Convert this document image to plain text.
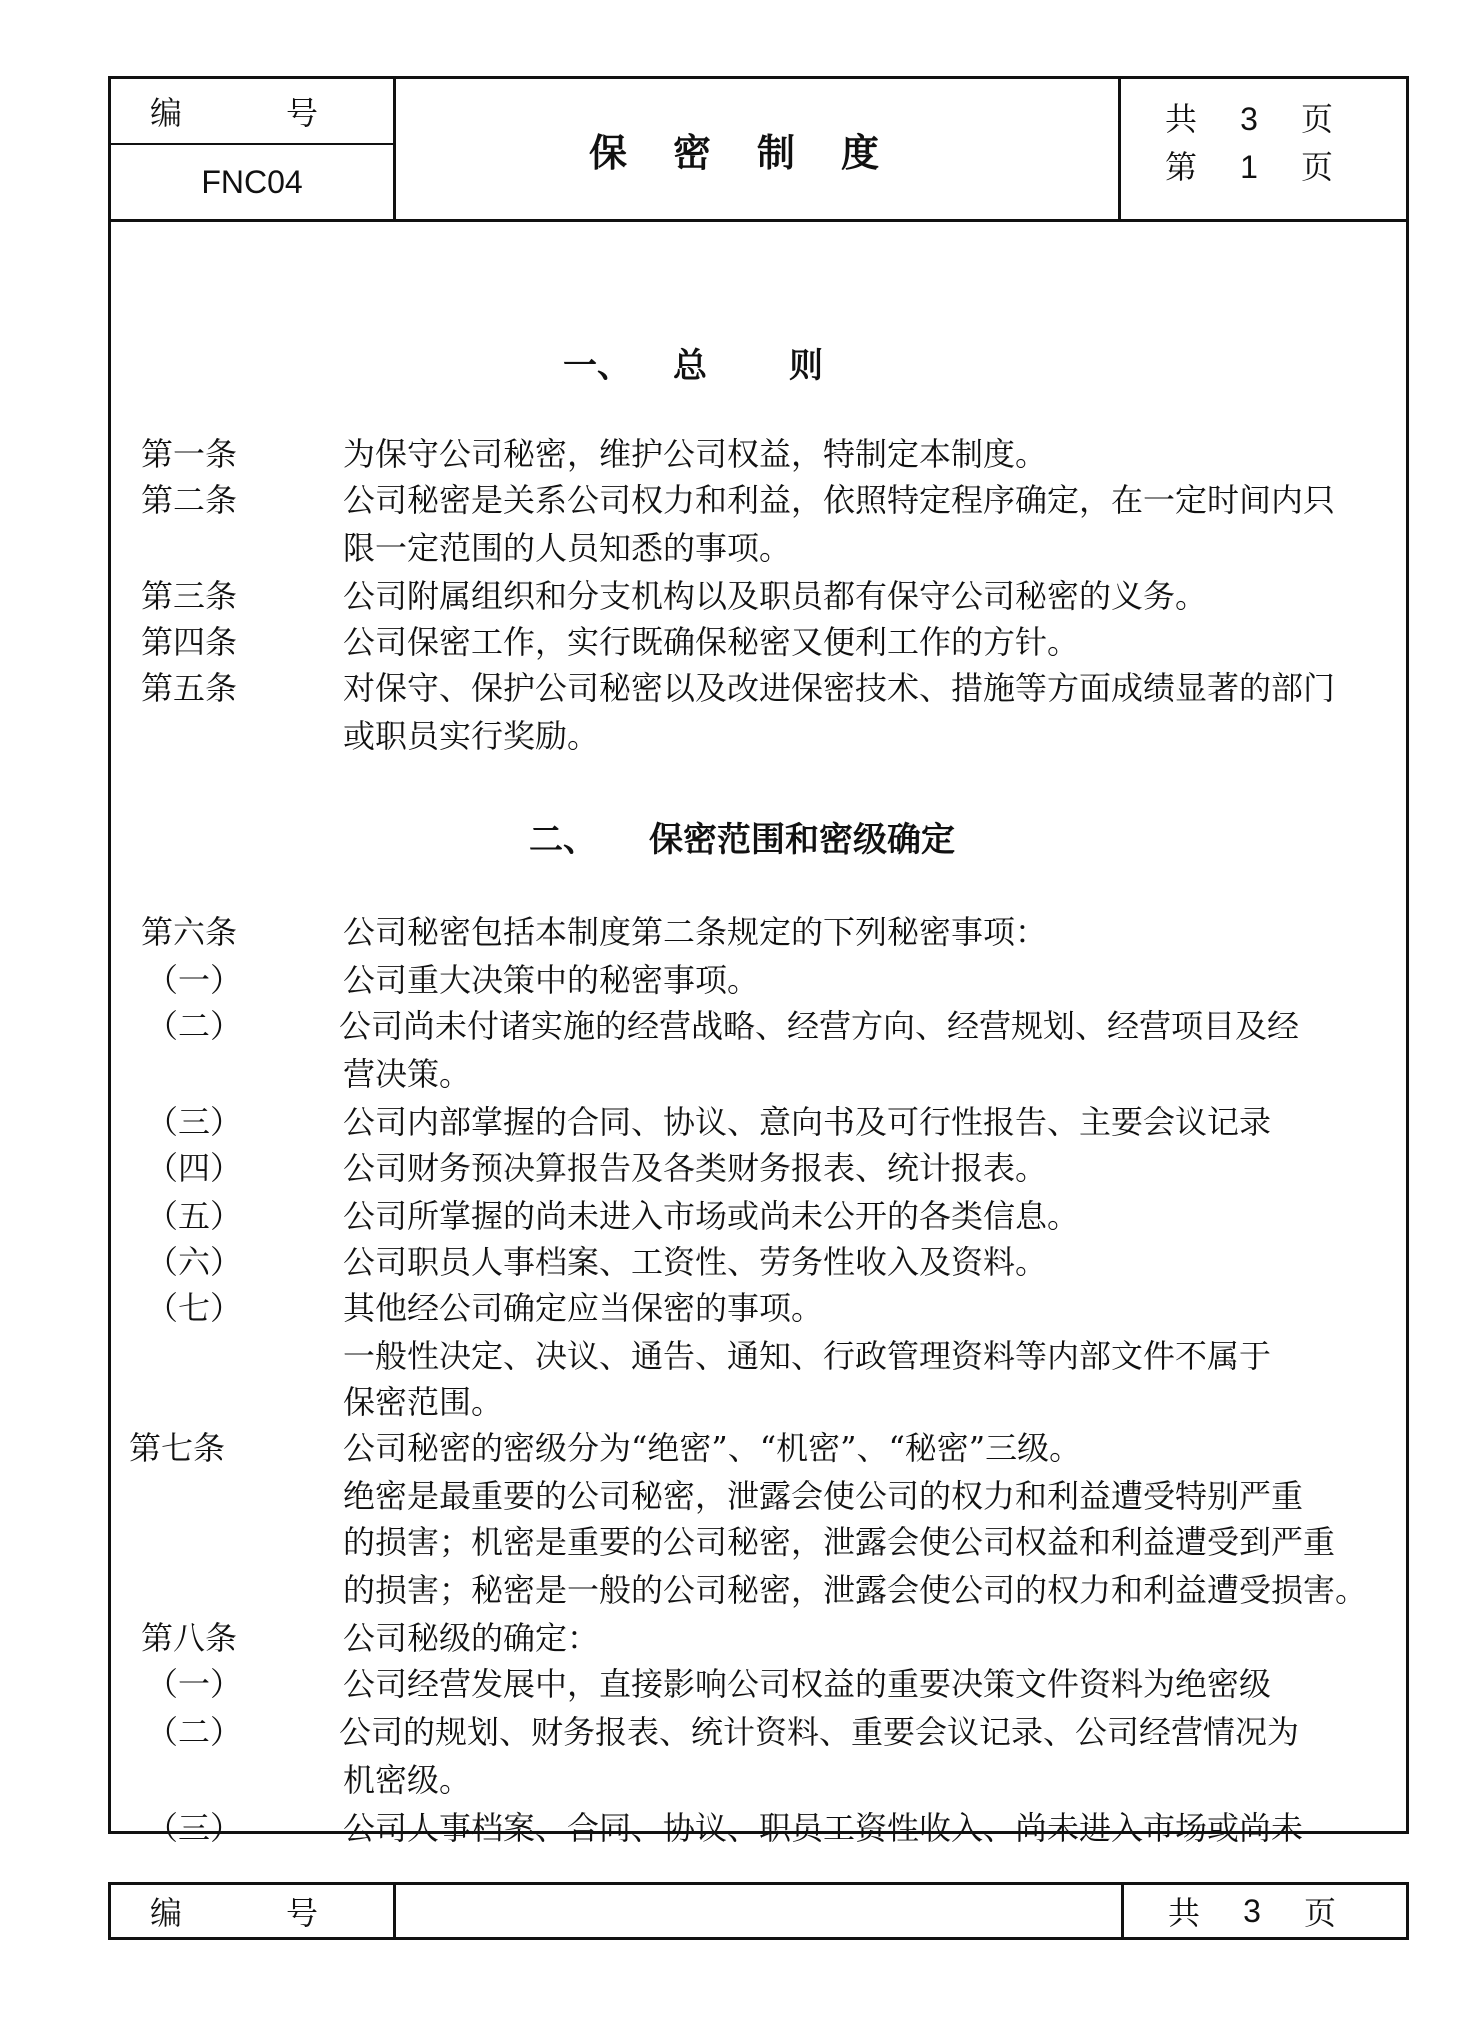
编　号
FNC04
保密制度
共 3 页
第 1 页
一、 总　则
二、 保密范围和密级确定
第一条	为保守公司秘密，维护公司权益，特制定本制度。
第二条	公司秘密是关系公司权力和利益，依照特定程序确定，在一定时间内只
限一定范围的人员知悉的事项。
第三条	公司附属组织和分支机构以及职员都有保守公司秘密的义务。
第四条	公司保密工作，实行既确保秘密又便利工作的方针。
第五条	对保守、保护公司秘密以及改进保密技术、措施等方面成绩显著的部门
或职员实行奖励。
第六条	公司秘密包括本制度第二条规定的下列秘密事项：
（一）	公司重大决策中的秘密事项。
（二）	公司尚未付诸实施的经营战略、经营方向、经营规划、经营项目及经
营决策。
（三）	公司内部掌握的合同、协议、意向书及可行性报告、主要会议记录
（四）	公司财务预决算报告及各类财务报表、统计报表。
（五）	公司所掌握的尚未进入市场或尚未公开的各类信息。
（六）	公司职员人事档案、工资性、劳务性收入及资料。
（七）	其他经公司确定应当保密的事项。
一般性决定、决议、通告、通知、行政管理资料等内部文件不属于
保密范围。
第七条	公司秘密的密级分为“绝密”、“机密”、“秘密”三级。
绝密是最重要的公司秘密，泄露会使公司的权力和利益遭受特别严重
的损害；机密是重要的公司秘密，泄露会使公司权益和利益遭受到严重
的损害；秘密是一般的公司秘密，泄露会使公司的权力和利益遭受损害。
第八条	公司秘级的确定：
（一）	公司经营发展中，直接影响公司权益的重要决策文件资料为绝密级
（二）	公司的规划、财务报表、统计资料、重要会议记录、公司经营情况为
机密级。
（三）	公司人事档案、合同、协议、职员工资性收入、尚未进入市场或尚未
编　号	共	3	页
